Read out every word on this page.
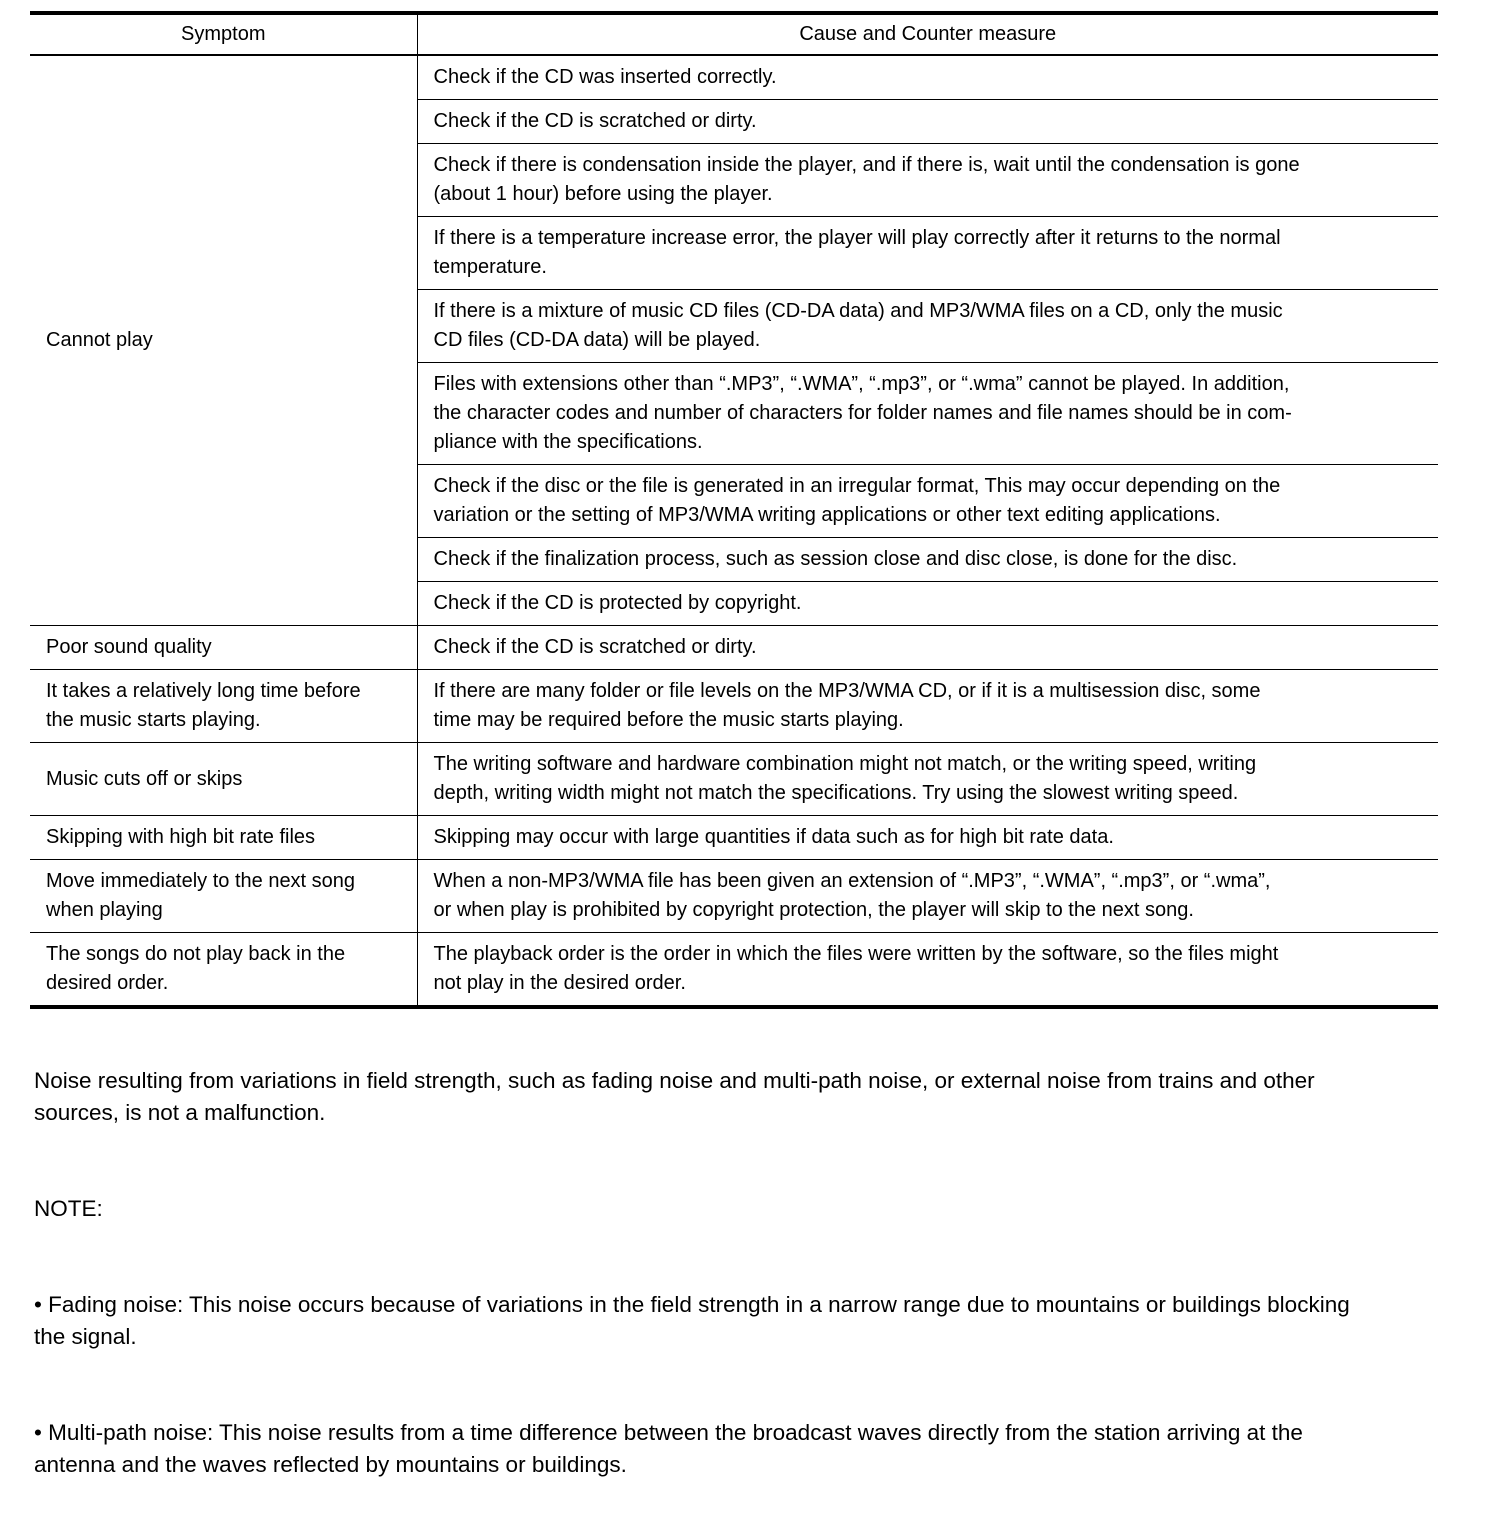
Symptom	Cause and Counter measure
Cannot play	Check if the CD was inserted correctly.
	Check if the CD is scratched or dirty.
	Check if there is condensation inside the player, and if there is, wait until the condensation is gone
(about 1 hour) before using the player.
	If there is a temperature increase error, the player will play correctly after it returns to the normal
temperature.
	If there is a mixture of music CD files (CD-DA data) and MP3/WMA files on a CD, only the music
CD files (CD-DA data) will be played.
	Files with extensions other than “.MP3”, “.WMA”, “.mp3”, or “.wma” cannot be played. In addition,
the character codes and number of characters for folder names and file names should be in com-
pliance with the specifications.
	Check if the disc or the file is generated in an irregular format, This may occur depending on the
variation or the setting of MP3/WMA writing applications or other text editing applications.
	Check if the finalization process, such as session close and disc close, is done for the disc.
	Check if the CD is protected by copyright.
Poor sound quality	Check if the CD is scratched or dirty.
It takes a relatively long time before
the music starts playing.	If there are many folder or file levels on the MP3/WMA CD, or if it is a multisession disc, some
time may be required before the music starts playing.
Music cuts off or skips	The writing software and hardware combination might not match, or the writing speed, writing
depth, writing width might not match the specifications. Try using the slowest writing speed.
Skipping with high bit rate files	Skipping may occur with large quantities if data such as for high bit rate data.
Move immediately to the next song
when playing	When a non-MP3/WMA file has been given an extension of “.MP3”, “.WMA”, “.mp3”, or “.wma”,
or when play is prohibited by copyright protection, the player will skip to the next song.
The songs do not play back in the
desired order.	The playback order is the order in which the files were written by the software, so the files might
not play in the desired order.

Noise resulting from variations in field strength, such as fading noise and multi-path noise, or external noise from trains and other
sources, is not a malfunction.

NOTE:

• Fading noise: This noise occurs because of variations in the field strength in a narrow range due to mountains or buildings blocking
the signal.

• Multi-path noise: This noise results from a time difference between the broadcast waves directly from the station arriving at the
antenna and the waves reflected by mountains or buildings.
